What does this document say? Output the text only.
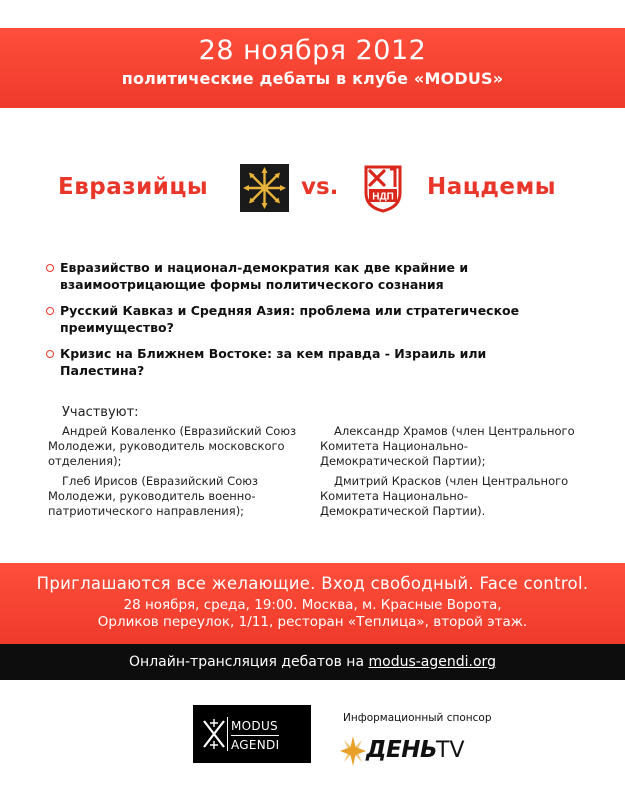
28 ноября 2012
политические дебаты в клубе «MODUS»
Евразийцы	vs.	Нацдемы
НДП
Евразийство и национал-демократия как две крайние и взаимоотрицающие формы политического сознания
Русский Кавказ и Средняя Азия: проблема или стратегическое преимущество?
Кризис на Ближнем Востоке: за кем правда - Израиль или Палестина?
Участвуют:
Андрей Коваленко (Евразийский Союз Молодежи, руководитель московского отделения);
Глеб Ирисов (Евразийский Союз Молодежи, руководитель военно-патриотического направления);
Александр Храмов (член Центрального Комитета Национально-Демократической Партии);
Дмитрий Красков (член Центрального Комитета Национально-Демократической Партии).
Приглашаются все желающие. Вход свободный. Face control.
28 ноября, среда, 19:00. Москва, м. Красные Ворота,
Орликов переулок, 1/11, ресторан «Теплица», второй этаж.
Онлайн-трансляция дебатов на modus-agendi.org
MODUS
AGENDI
Информационный спонсор
ДЕНЬ TV
